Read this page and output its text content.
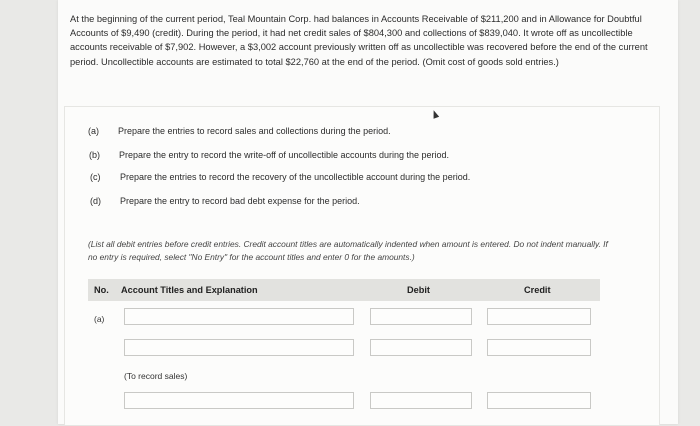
At the beginning of the current period, Teal Mountain Corp. had balances in Accounts Receivable of $211,200 and in Allowance for Doubtful Accounts of $9,490 (credit). During the period, it had net credit sales of $804,300 and collections of $839,040. It wrote off as uncollectible accounts receivable of $7,902. However, a $3,002 account previously written off as uncollectible was recovered before the end of the current period. Uncollectible accounts are estimated to total $22,760 at the end of the period. (Omit cost of goods sold entries.)
(a)	Prepare the entries to record sales and collections during the period.
(b)	Prepare the entry to record the write-off of uncollectible accounts during the period.
(c)	Prepare the entries to record the recovery of the uncollectible account during the period.
(d)	Prepare the entry to record bad debt expense for the period.
(List all debit entries before credit entries. Credit account titles are automatically indented when amount is entered. Do not indent manually. If no entry is required, select "No Entry" for the account titles and enter 0 for the amounts.)
No. Account Titles and Explanation	Debit	Credit
(a)
(To record sales)
